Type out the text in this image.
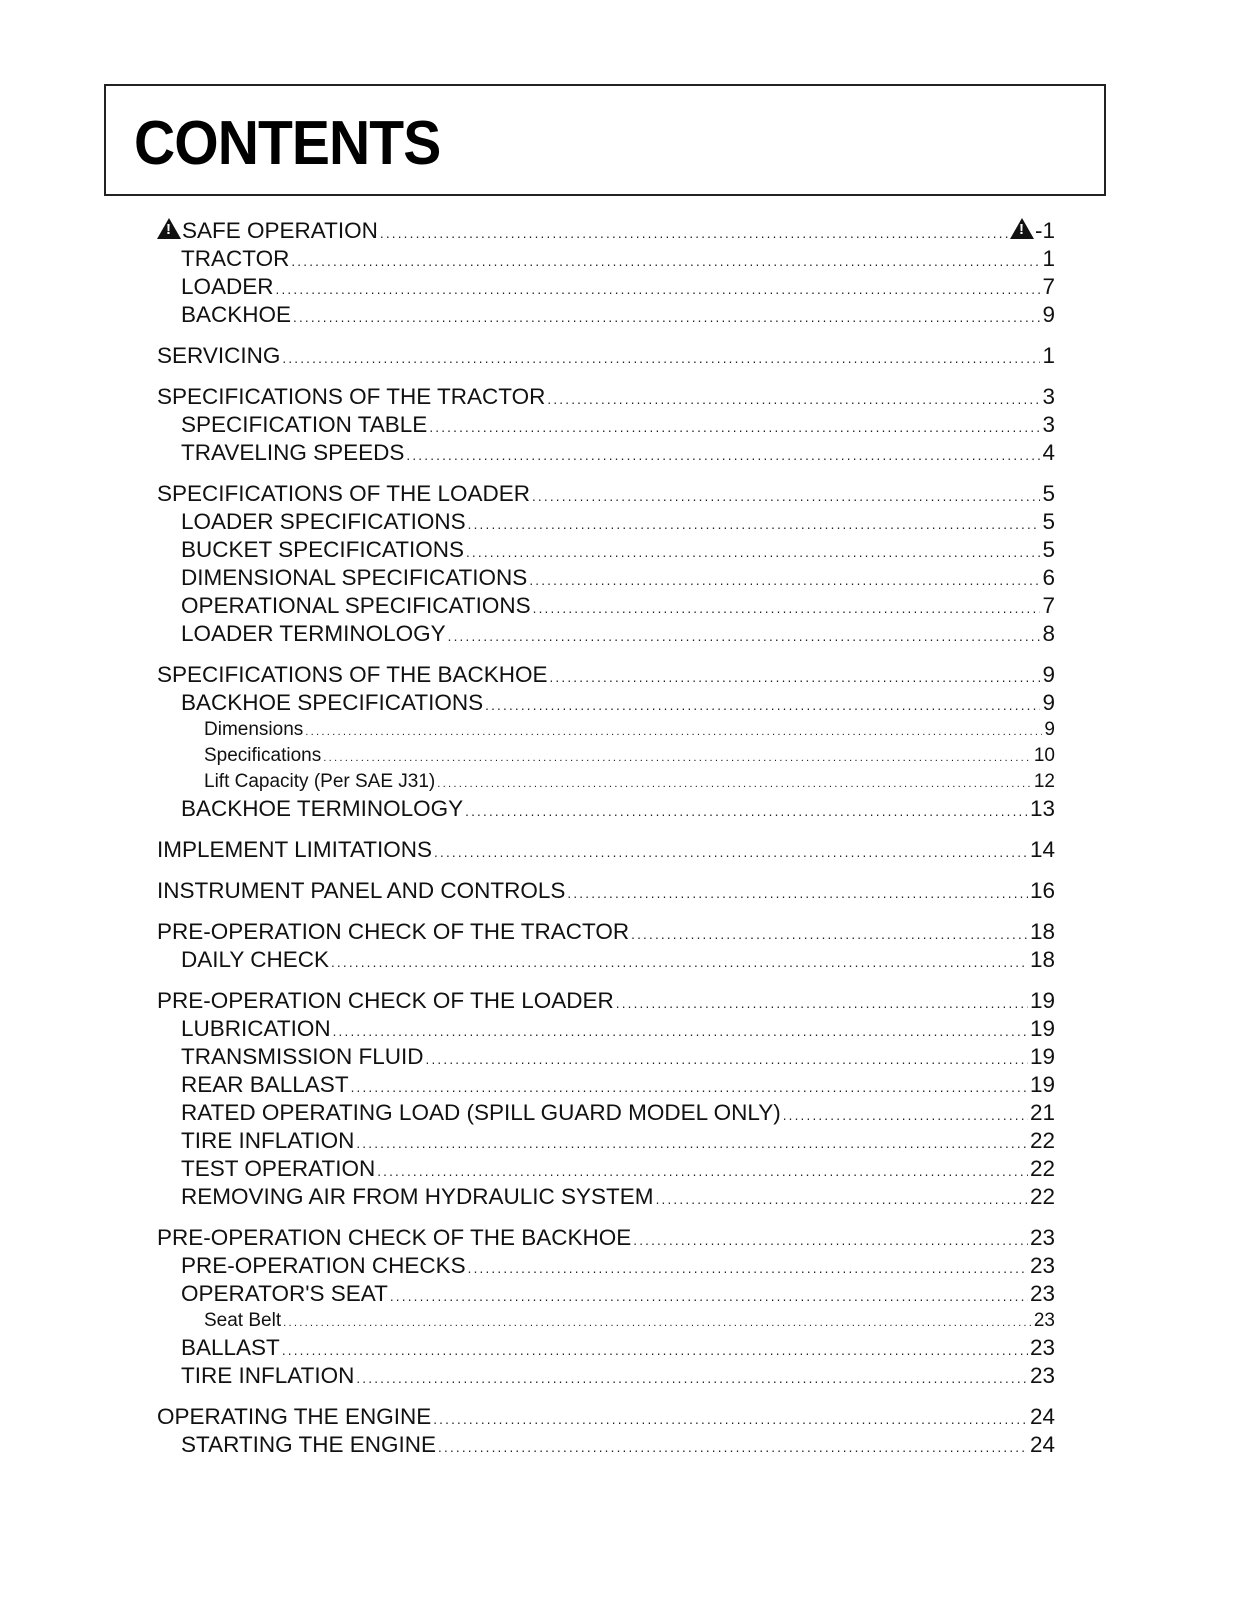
CONTENTS
!SAFE OPERATION ..... !	-1
TRACTOR .....	1
LOADER .....	7
BACKHOE .....	9
SERVICING .....	1
SPECIFICATIONS OF THE TRACTOR .....	3
SPECIFICATION TABLE .....	3
TRAVELING SPEEDS .....	4
SPECIFICATIONS OF THE LOADER .....	5
LOADER SPECIFICATIONS .....	5
BUCKET SPECIFICATIONS .....	5
DIMENSIONAL SPECIFICATIONS .....	6
OPERATIONAL SPECIFICATIONS .....	7
LOADER TERMINOLOGY .....	8
SPECIFICATIONS OF THE BACKHOE .....	9
BACKHOE SPECIFICATIONS .....	9
Dimensions .....	9
Specifications .....	10
Lift Capacity (Per SAE J31) .....	12
BACKHOE TERMINOLOGY .....	13
IMPLEMENT LIMITATIONS .....	14
INSTRUMENT PANEL AND CONTROLS .....	16
PRE-OPERATION CHECK OF THE TRACTOR .....	18
DAILY CHECK .....	18
PRE-OPERATION CHECK OF THE LOADER .....	19
LUBRICATION .....	19
TRANSMISSION FLUID .....	19
REAR BALLAST .....	19
RATED OPERATING LOAD (SPILL GUARD MODEL ONLY) .....	21
TIRE INFLATION .....	22
TEST OPERATION .....	22
REMOVING AIR FROM HYDRAULIC SYSTEM .....	22
PRE-OPERATION CHECK OF THE BACKHOE .....	23
PRE-OPERATION CHECKS .....	23
OPERATOR'S SEAT .....	23
Seat Belt .....	23
BALLAST .....	23
TIRE INFLATION .....	23
OPERATING THE ENGINE .....	24
STARTING THE ENGINE .....	24
